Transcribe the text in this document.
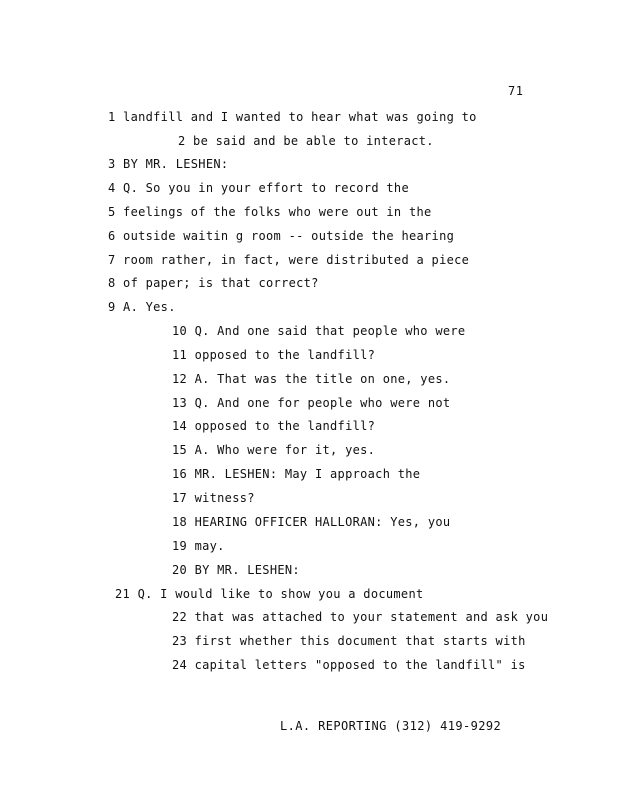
71
1 landfill and I wanted to hear what was going to
2 be said and be able to interact.
3 BY MR. LESHEN:
4 Q. So you in your effort to record the
5 feelings of the folks who were out in the
6 outside waitin g room -- outside the hearing
7 room rather, in fact, were distributed a piece
8 of paper; is that correct?
9 A. Yes.
10 Q. And one said that people who were
11 opposed to the landfill?
12 A. That was the title on one, yes.
13 Q. And one for people who were not
14 opposed to the landfill?
15 A. Who were for it, yes.
16 MR. LESHEN: May I approach the
17 witness?
18 HEARING OFFICER HALLORAN: Yes, you
19 may.
20 BY MR. LESHEN:
21 Q. I would like to show you a document
22 that was attached to your statement and ask you
23 first whether this document that starts with
24 capital letters "opposed to the landfill" is
L.A. REPORTING (312) 419-9292
